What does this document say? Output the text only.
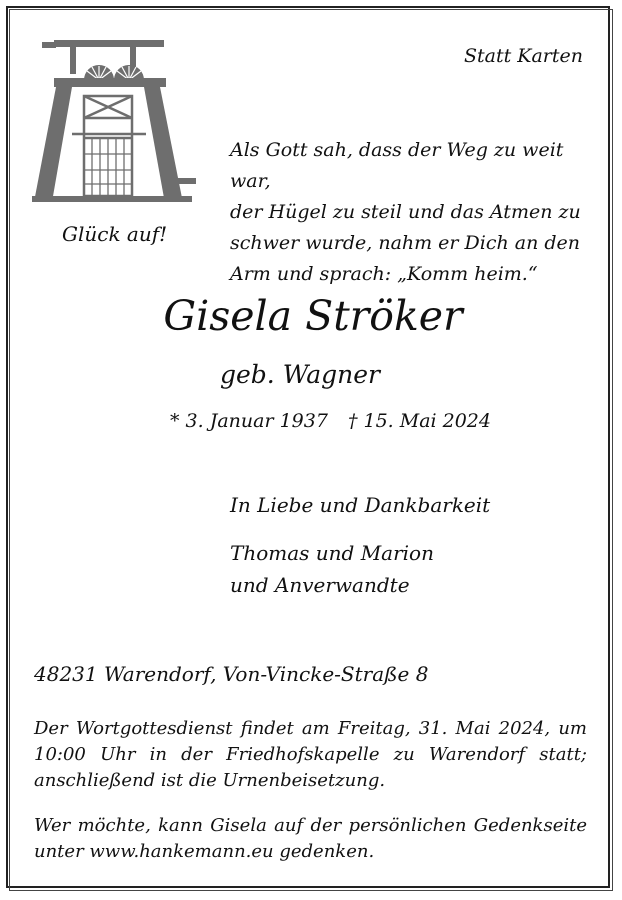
Glück auf!
Statt Karten
Als Gott sah, dass der Weg zu weit war,
der Hügel zu steil und das Atmen zu
schwer wurde, nahm er Dich an den
Arm und sprach: „Komm heim.“
Gisela Ströker
geb. Wagner
* 3. Januar 1937 † 15. Mai 2024
In Liebe und Dankbarkeit
Thomas und Marion
und Anverwandte
48231 Warendorf, Von-Vincke-Straße 8
Der Wortgottesdienst findet am Freitag, 31. Mai 2024, um
10:00 Uhr in der Friedhofskapelle zu Warendorf statt;
anschließend ist die Urnenbeisetzung.
Wer möchte, kann Gisela auf der persönlichen Gedenkseite
unter www.hankemann.eu gedenken.
